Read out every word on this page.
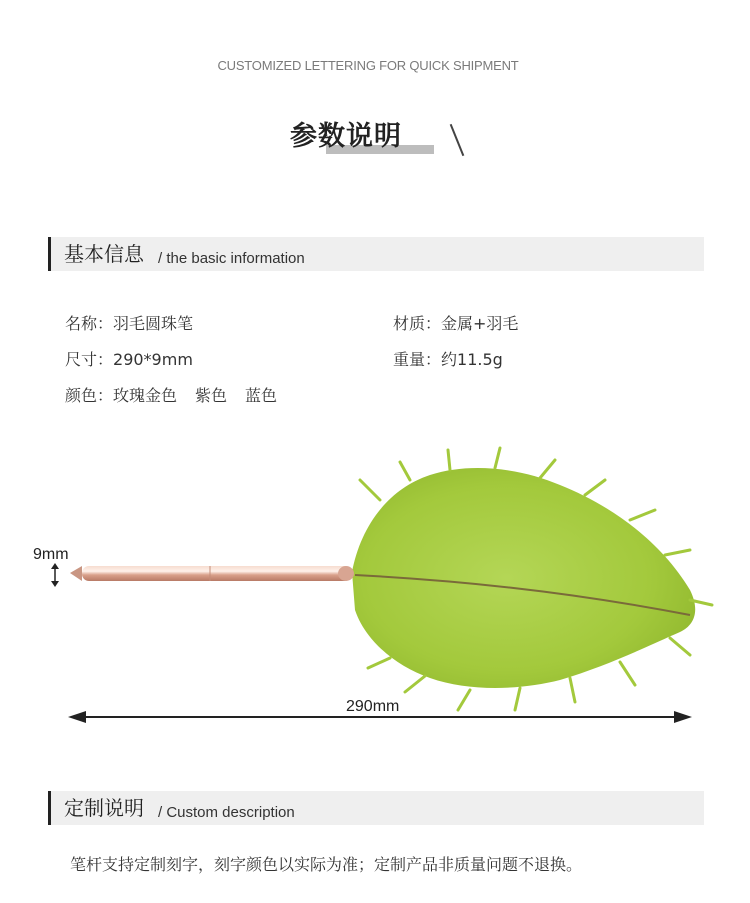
CUSTOMIZED LETTERING FOR QUICK SHIPMENT
参数说明
基本信息 / the basic information
名称：羽毛圆珠笔	材质：金属+羽毛
尺寸：290*9mm	重量：约11.5g
颜色：玫瑰金色 紫色 蓝色
9mm
290mm
定制说明 / Custom description
笔杆支持定制刻字，刻字颜色以实际为准；定制产品非质量问题不退换。
